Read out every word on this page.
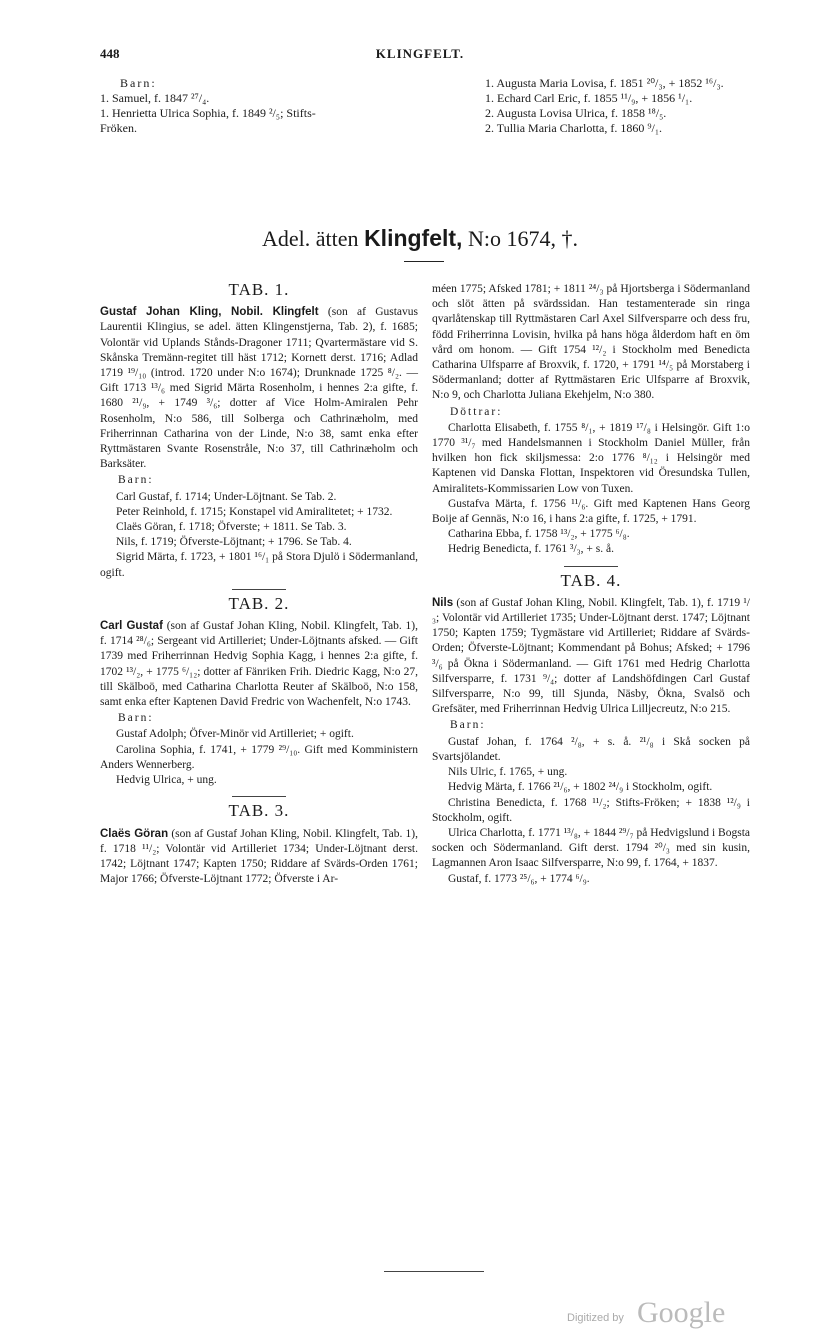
448	KLINGFELT.
Barn:
1. Samuel, f. 1847 ²⁷/₄.
1. Henrietta Ulrica Sophia, f. 1849 ²/₅; Stifts-
Fröken.
1. Augusta Maria Lovisa, f. 1851 ²⁰/₃, + 1852 ¹⁶/₃.
1. Echard Carl Eric, f. 1855 ¹¹/₉, + 1856 ¹/₁.
2. Augusta Lovisa Ulrica, f. 1858 ¹⁸/₅.
2. Tullia Maria Charlotta, f. 1860 ⁹/₁.
Adel. ätten Klingfelt, N:o 1674, †.
TAB. 1.

Gustaf Johan Kling, Nobil. Klingfelt (son af Gustavus Laurentii Klingius, se adel. ätten Klingenstjerna, Tab. 2), f. 1685; Volontär vid Uplands Stånds-Dragoner 1711; Qvartermästare vid S. Skånska Tremänn-regitet till häst 1712; Kornett derst. 1716; Adlad 1719 ¹⁹/₁₀ (introd. 1720 under N:o 1674); Drunknade 1725 ⁸/₂. — Gift 1713 ¹³/₆ med Sigrid Märta Rosenholm, i hennes 2:a gifte, f. 1680 ²¹/₉, + 1749 ³/₆; dotter af Vice Holm-Amiralen Pehr Rosenholm, N:o 586, till Solberga och Cathrinæholm, med Friherrinnan Catharina von der Linde, N:o 38, samt enka efter Ryttmästaren Svante Rosenstråle, N:o 37, till Cathrinæholm och Barksäter.

Barn:

Carl Gustaf, f. 1714; Under-Löjtnant. Se Tab. 2.

Peter Reinhold, f. 1715; Konstapel vid Amiralitetet; + 1732.

Claës Göran, f. 1718; Öfverste; + 1811. Se Tab. 3.

Nils, f. 1719; Öfverste-Löjtnant; + 1796. Se Tab. 4.

Sigrid Märta, f. 1723, + 1801 ¹⁶/₁ på Stora Djulö i Södermanland, ogift.

TAB. 2.

Carl Gustaf (son af Gustaf Johan Kling, Nobil. Klingfelt, Tab. 1), f. 1714 ²⁸/₆; Sergeant vid Artilleriet; Under-Löjtnants afsked. — Gift 1739 med Friherrinnan Hedvig Sophia Kagg, i hennes 2:a gifte, f. 1702 ¹³/₂, + 1775 ⁶/₁₂; dotter af Fänriken Frih. Diedric Kagg, N:o 27, till Skälboö, med Catharina Charlotta Reuter af Skälboö, N:o 158, samt enka efter Kaptenen David Fredric von Wachenfelt, N:o 1743.

Barn:

Gustaf Adolph; Öfver-Minör vid Artilleriet; + ogift.

Carolina Sophia, f. 1741, + 1779 ²⁹/₁₀. Gift med Komministern Anders Wennerberg.

Hedvig Ulrica, + ung.

TAB. 3.

Claës Göran (son af Gustaf Johan Kling, Nobil. Klingfelt, Tab. 1), f. 1718 ¹¹/₂; Volontär vid Artilleriet 1734; Under-Löjtnant derst. 1742; Löjtnant 1747; Kapten 1750; Riddare af Svärds-Orden 1761; Major 1766; Öfverste-Löjtnant 1772; Öfverste i Ar-

méen 1775; Afsked 1781; + 1811 ²⁴/₃ på Hjortsberga i Södermanland och slöt ätten på svärdssidan. Han testamenterade sin ringa qvarlåtenskap till Ryttmästaren Carl Axel Silfversparre och dess fru, född Friherrinna Lovisin, hvilka på hans höga ålderdom haft en öm vård om honom. — Gift 1754 ¹²/₂ i Stockholm med Benedicta Catharina Ulfsparre af Broxvik, f. 1720, + 1791 ¹⁴/₅ på Morstaberg i Södermanland; dotter af Ryttmästaren Eric Ulfsparre af Broxvik, N:o 9, och Charlotta Juliana Ekehjelm, N:o 380.

Döttrar:

Charlotta Elisabeth, f. 1755 ⁸/₁, + 1819 ¹⁷/₈ i Helsingör. Gift 1:o 1770 ³¹/₇ med Handelsmannen i Stockholm Daniel Müller, från hvilken hon fick skiljsmessa: 2:o 1776 ⁸/₁₂ i Helsingör med Kaptenen vid Danska Flottan, Inspektoren vid Öresundska Tullen, Amiralitets-Kommissarien Low von Tuxen.

Gustafva Märta, f. 1756 ¹¹/₆. Gift med Kaptenen Hans Georg Boije af Gennäs, N:o 16, i hans 2:a gifte, f. 1725, + 1791.

Catharina Ebba, f. 1758 ¹³/₂, + 1775 ⁶/₈.

Hedrig Benedicta, f. 1761 ³/₃, + s. å.

TAB. 4.

Nils (son af Gustaf Johan Kling, Nobil. Klingfelt, Tab. 1), f. 1719 ¹/₃; Volontär vid Artilleriet 1735; Under-Löjtnant derst. 1747; Löjtnant 1750; Kapten 1759; Tygmästare vid Artilleriet; Riddare af Svärds-Orden; Öfverste-Löjtnant; Kommendant på Bohus; Afsked; + 1796 ³/₆ på Ökna i Södermanland. — Gift 1761 med Hedrig Charlotta Silfversparre, f. 1731 ⁹/₄; dotter af Landshöfdingen Carl Gustaf Silfversparre, N:o 99, till Sjunda, Näsby, Ökna, Svalsö och Grefsäter, med Friherrinnan Hedvig Ulrica Lilljecreutz, N:o 215.

Barn:

Gustaf Johan, f. 1764 ²/₈, + s. å. ²¹/₈ i Skå socken på Svartsjölandet.

Nils Ulric, f. 1765, + ung.

Hedvig Märta, f. 1766 ²¹/₆, + 1802 ²⁴/₉ i Stockholm, ogift.

Christina Benedicta, f. 1768 ¹¹/₂; Stifts-Fröken; + 1838 ¹²/₉ i Stockholm, ogift.

Ulrica Charlotta, f. 1771 ¹³/₈, + 1844 ²⁹/₇ på Hedvigslund i Bogsta socken och Södermanland. Gift derst. 1794 ²⁰/₃ med sin kusin, Lagmannen Aron Isaac Silfversparre, N:o 99, f. 1764, + 1837.

Gustaf, f. 1773 ²⁵/₆, + 1774 ⁶/₉.

Digitized by Google
